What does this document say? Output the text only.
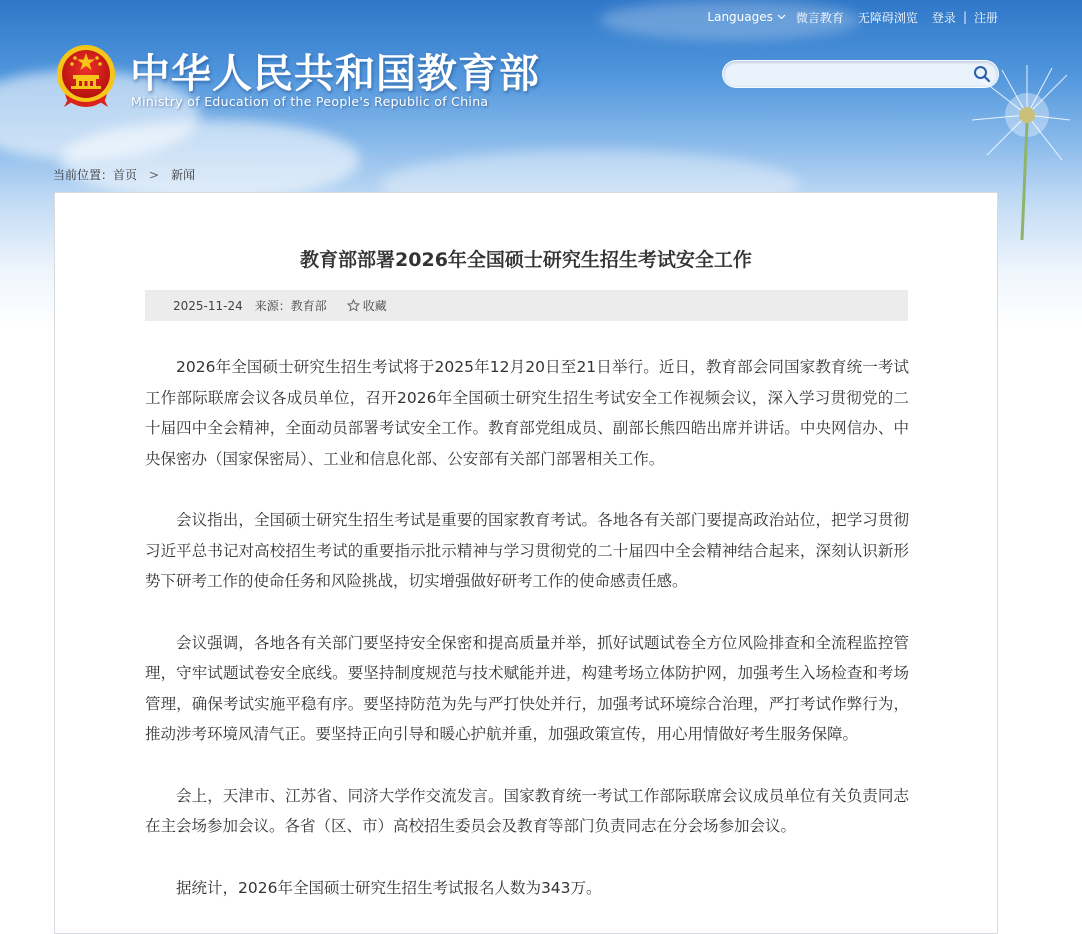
Languages 微言教育 无障碍浏览 登录 | 注册
中华人民共和国教育部
Ministry of Education of the People's Republic of China
当前位置： 首页 > 新闻
教育部部署2026年全国硕士研究生招生考试安全工作
2025-11-24 来源：教育部	收藏

2026年全国硕士研究生招生考试将于2025年12月20日至21日举行。近日，教育部会同国家教育统一考试工作部际联席会议各成员单位，召开2026年全国硕士研究生招生考试安全工作视频会议，深入学习贯彻党的二十届四中全会精神，全面动员部署考试安全工作。教育部党组成员、副部长熊四皓出席并讲话。中央网信办、中央保密办（国家保密局）、工业和信息化部、公安部有关部门部署相关工作。

会议指出，全国硕士研究生招生考试是重要的国家教育考试。各地各有关部门要提高政治站位，把学习贯彻习近平总书记对高校招生考试的重要指示批示精神与学习贯彻党的二十届四中全会精神结合起来，深刻认识新形势下研考工作的使命任务和风险挑战，切实增强做好研考工作的使命感责任感。

会议强调，各地各有关部门要坚持安全保密和提高质量并举，抓好试题试卷全方位风险排查和全流程监控管理，守牢试题试卷安全底线。要坚持制度规范与技术赋能并进，构建考场立体防护网，加强考生入场检查和考场管理，确保考试实施平稳有序。要坚持防范为先与严打快处并行，加强考试环境综合治理，严打考试作弊行为，推动涉考环境风清气正。要坚持正向引导和暖心护航并重，加强政策宣传，用心用情做好考生服务保障。

会上，天津市、江苏省、同济大学作交流发言。国家教育统一考试工作部际联席会议成员单位有关负责同志在主会场参加会议。各省（区、市）高校招生委员会及教育等部门负责同志在分会场参加会议。

据统计，2026年全国硕士研究生招生考试报名人数为343万。
